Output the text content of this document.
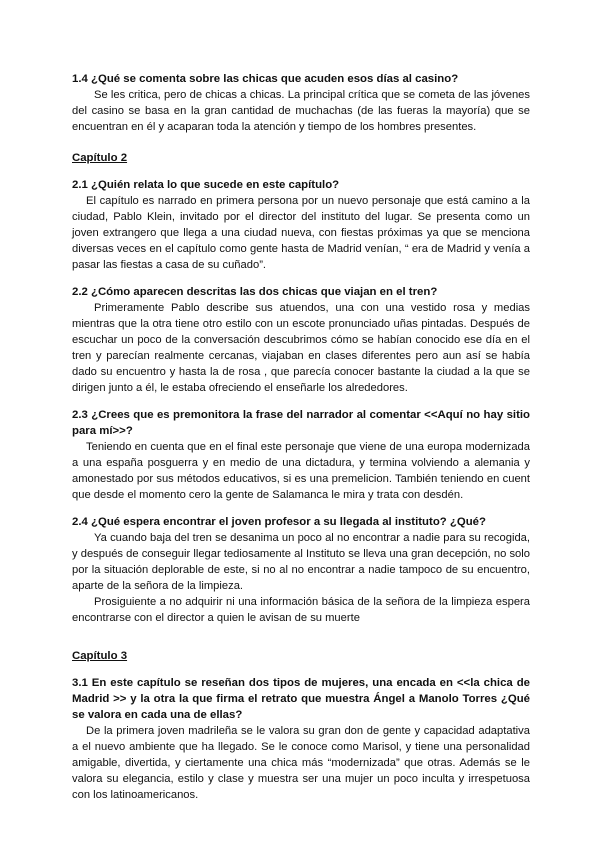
1.4 ¿Qué se comenta sobre las chicas que acuden esos días al casino?

Se les critica, pero de chicas a chicas. La principal crítica que se cometa de las jóvenes del casino se basa en la gran cantidad de muchachas (de las fueras la mayoría) que se encuentran en él y acaparan toda la atención y tiempo de los hombres presentes.

Capítulo 2
2.1 ¿Quién relata lo que sucede en este capítulo?

El capítulo es narrado en primera persona por un nuevo personaje que está camino a la ciudad, Pablo Klein, invitado por el director del instituto del lugar. Se presenta como un joven extrangero que llega a una ciudad nueva, con fiestas próximas ya que se menciona diversas veces en el capítulo como gente hasta de Madrid venían, “ era de Madrid y venía a pasar las fiestas a casa de su cuñado”.

2.2 ¿Cómo aparecen descritas las dos chicas que viajan en el tren?

Primeramente Pablo describe sus atuendos, una con una vestido rosa y medias mientras que la otra tiene otro estilo con un escote pronunciado uñas pintadas. Después de escuchar un poco de la conversación descubrimos cómo se habían conocido ese día en el tren y parecían realmente cercanas, viajaban en clases diferentes pero aun así se había dado su encuentro y hasta la de rosa , que parecía conocer bastante la ciudad a la que se dirigen junto a él, le estaba ofreciendo el enseñarle los alrededores.

2.3 ¿Crees que es premonitora la frase del narrador al comentar <<Aquí no hay sitio para mí>>?

Teniendo en cuenta que en el final este personaje que viene de una europa modernizada a una españa posguerra y en medio de una dictadura, y termina volviendo a alemania y amonestado por sus métodos educativos, si es una premelicion. También teniendo en cuent que desde el momento cero la gente de Salamanca le mira y trata con desdén.

2.4 ¿Qué espera encontrar el joven profesor a su llegada al instituto? ¿Qué?

Ya cuando baja del tren se desanima un poco al no encontrar a nadie para su recogida, y después de conseguir llegar tediosamente al Instituto se lleva una gran decepción, no solo por la situación deplorable de este, si no al no encontrar a nadie tampoco de su encuentro, aparte de la señora de la limpieza.

Prosiguiente a no adquirir ni una información básica de la señora de la limpieza espera encontrarse con el director a quien le avisan de su muerte

Capítulo 3
3.1 En este capítulo se reseñan dos tipos de mujeres, una encada en <<la chica de Madrid >> y la otra la que firma el retrato que muestra Ángel a Manolo Torres ¿Qué se valora en cada una de ellas?

De la primera joven madrileña se le valora su gran don de gente y capacidad adaptativa a el nuevo ambiente que ha llegado. Se le conoce como Marisol, y tiene una personalidad amigable, divertida, y ciertamente una chica más “modernizada” que otras. Además se le valora su elegancia, estilo y clase y muestra ser una mujer un poco inculta y irrespetuosa con los latinoamericanos.
